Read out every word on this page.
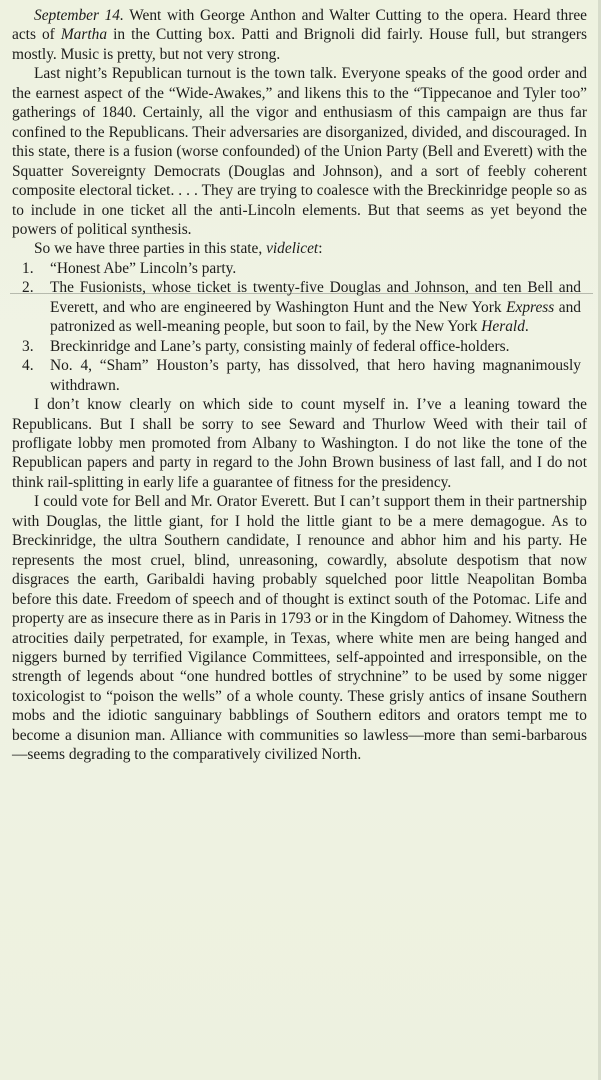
September 14. Went with George Anthon and Walter Cutting to the opera. Heard three acts of Martha in the Cutting box. Patti and Brignoli did fairly. House full, but strangers mostly. Music is pretty, but not very strong.

Last night’s Republican turnout is the town talk. Everyone speaks of the good order and the earnest aspect of the “Wide-Awakes,” and likens this to the “Tippecanoe and Tyler too” gatherings of 1840. Certainly, all the vigor and enthusiasm of this campaign are thus far confined to the Republicans. Their adversaries are disorganized, divided, and discouraged. In this state, there is a fusion (worse confounded) of the Union Party (Bell and Everett) with the Squatter Sovereignty Democrats (Douglas and Johnson), and a sort of feebly coherent composite electoral ticket. . . . They are trying to coalesce with the Breckinridge people so as to include in one ticket all the anti-Lincoln elements. But that seems as yet beyond the powers of political synthesis.

So we have three parties in this state, videlicet:

1. “Honest Abe” Lincoln’s party.
2. The Fusionists, whose ticket is twenty-five Douglas and Johnson, and ten Bell and Everett, and who are engineered by Washington Hunt and the New York Express and patronized as well-meaning people, but soon to fail, by the New York Herald.
3. Breckinridge and Lane’s party, consisting mainly of federal office-holders.
4. No. 4, “Sham” Houston’s party, has dissolved, that hero having magnanimously withdrawn.

I don’t know clearly on which side to count myself in. I’ve a leaning toward the Republicans. But I shall be sorry to see Seward and Thurlow Weed with their tail of profligate lobby men promoted from Albany to Washington. I do not like the tone of the Republican papers and party in regard to the John Brown business of last fall, and I do not think rail-splitting in early life a guarantee of fitness for the presidency.

I could vote for Bell and Mr. Orator Everett. But I can’t support them in their partnership with Douglas, the little giant, for I hold the little giant to be a mere demagogue. As to Breckinridge, the ultra Southern candidate, I renounce and abhor him and his party. He represents the most cruel, blind, unreasoning, cowardly, absolute despotism that now disgraces the earth, Garibaldi having probably squelched poor little Neapolitan Bomba before this date. Freedom of speech and of thought is extinct south of the Potomac. Life and property are as insecure there as in Paris in 1793 or in the Kingdom of Dahomey. Witness the atrocities daily perpetrated, for example, in Texas, where white men are being hanged and niggers burned by terrified Vigilance Committees, self-appointed and irresponsible, on the strength of legends about “one hundred bottles of strychnine” to be used by some nigger toxicologist to “poison the wells” of a whole county. These grisly antics of insane Southern mobs and the idiotic sanguinary babblings of Southern editors and orators tempt me to become a disunion man. Alliance with communities so lawless—more than semi-barbarous—seems degrading to the comparatively civilized North.
